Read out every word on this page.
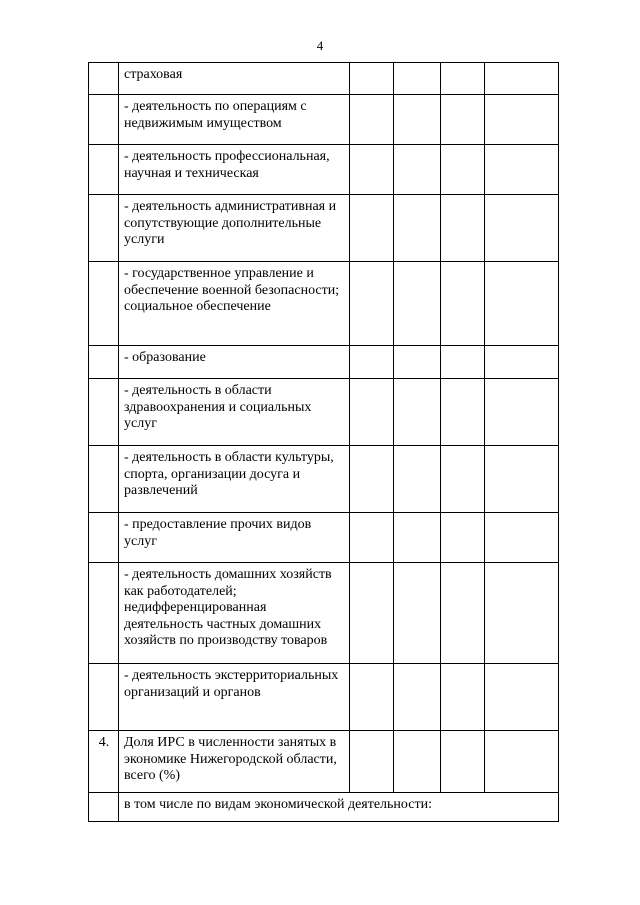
4
	страховая				
	- деятельность по операциям с недвижимым имуществом				
	- деятельность профессиональная, научная и техническая				
	- деятельность административная и сопутствующие дополнительные услуги				
	- государственное управление и обеспечение военной безопасности; социальное обеспечение				
	- образование				
	- деятельность в области здравоохранения и социальных услуг				
	- деятельность в области культуры, спорта, организации досуга и развлечений				
	- предоставление прочих видов услуг				
	- деятельность домашних хозяйств как работодателей; недифференцированная деятельность частных домашних хозяйств по производству товаров				
	- деятельность экстерриториальных организаций и органов				
4.	Доля ИРС в численности занятых в экономике Нижегородской области, всего (%)				
	в том числе по видам экономической деятельности:				
